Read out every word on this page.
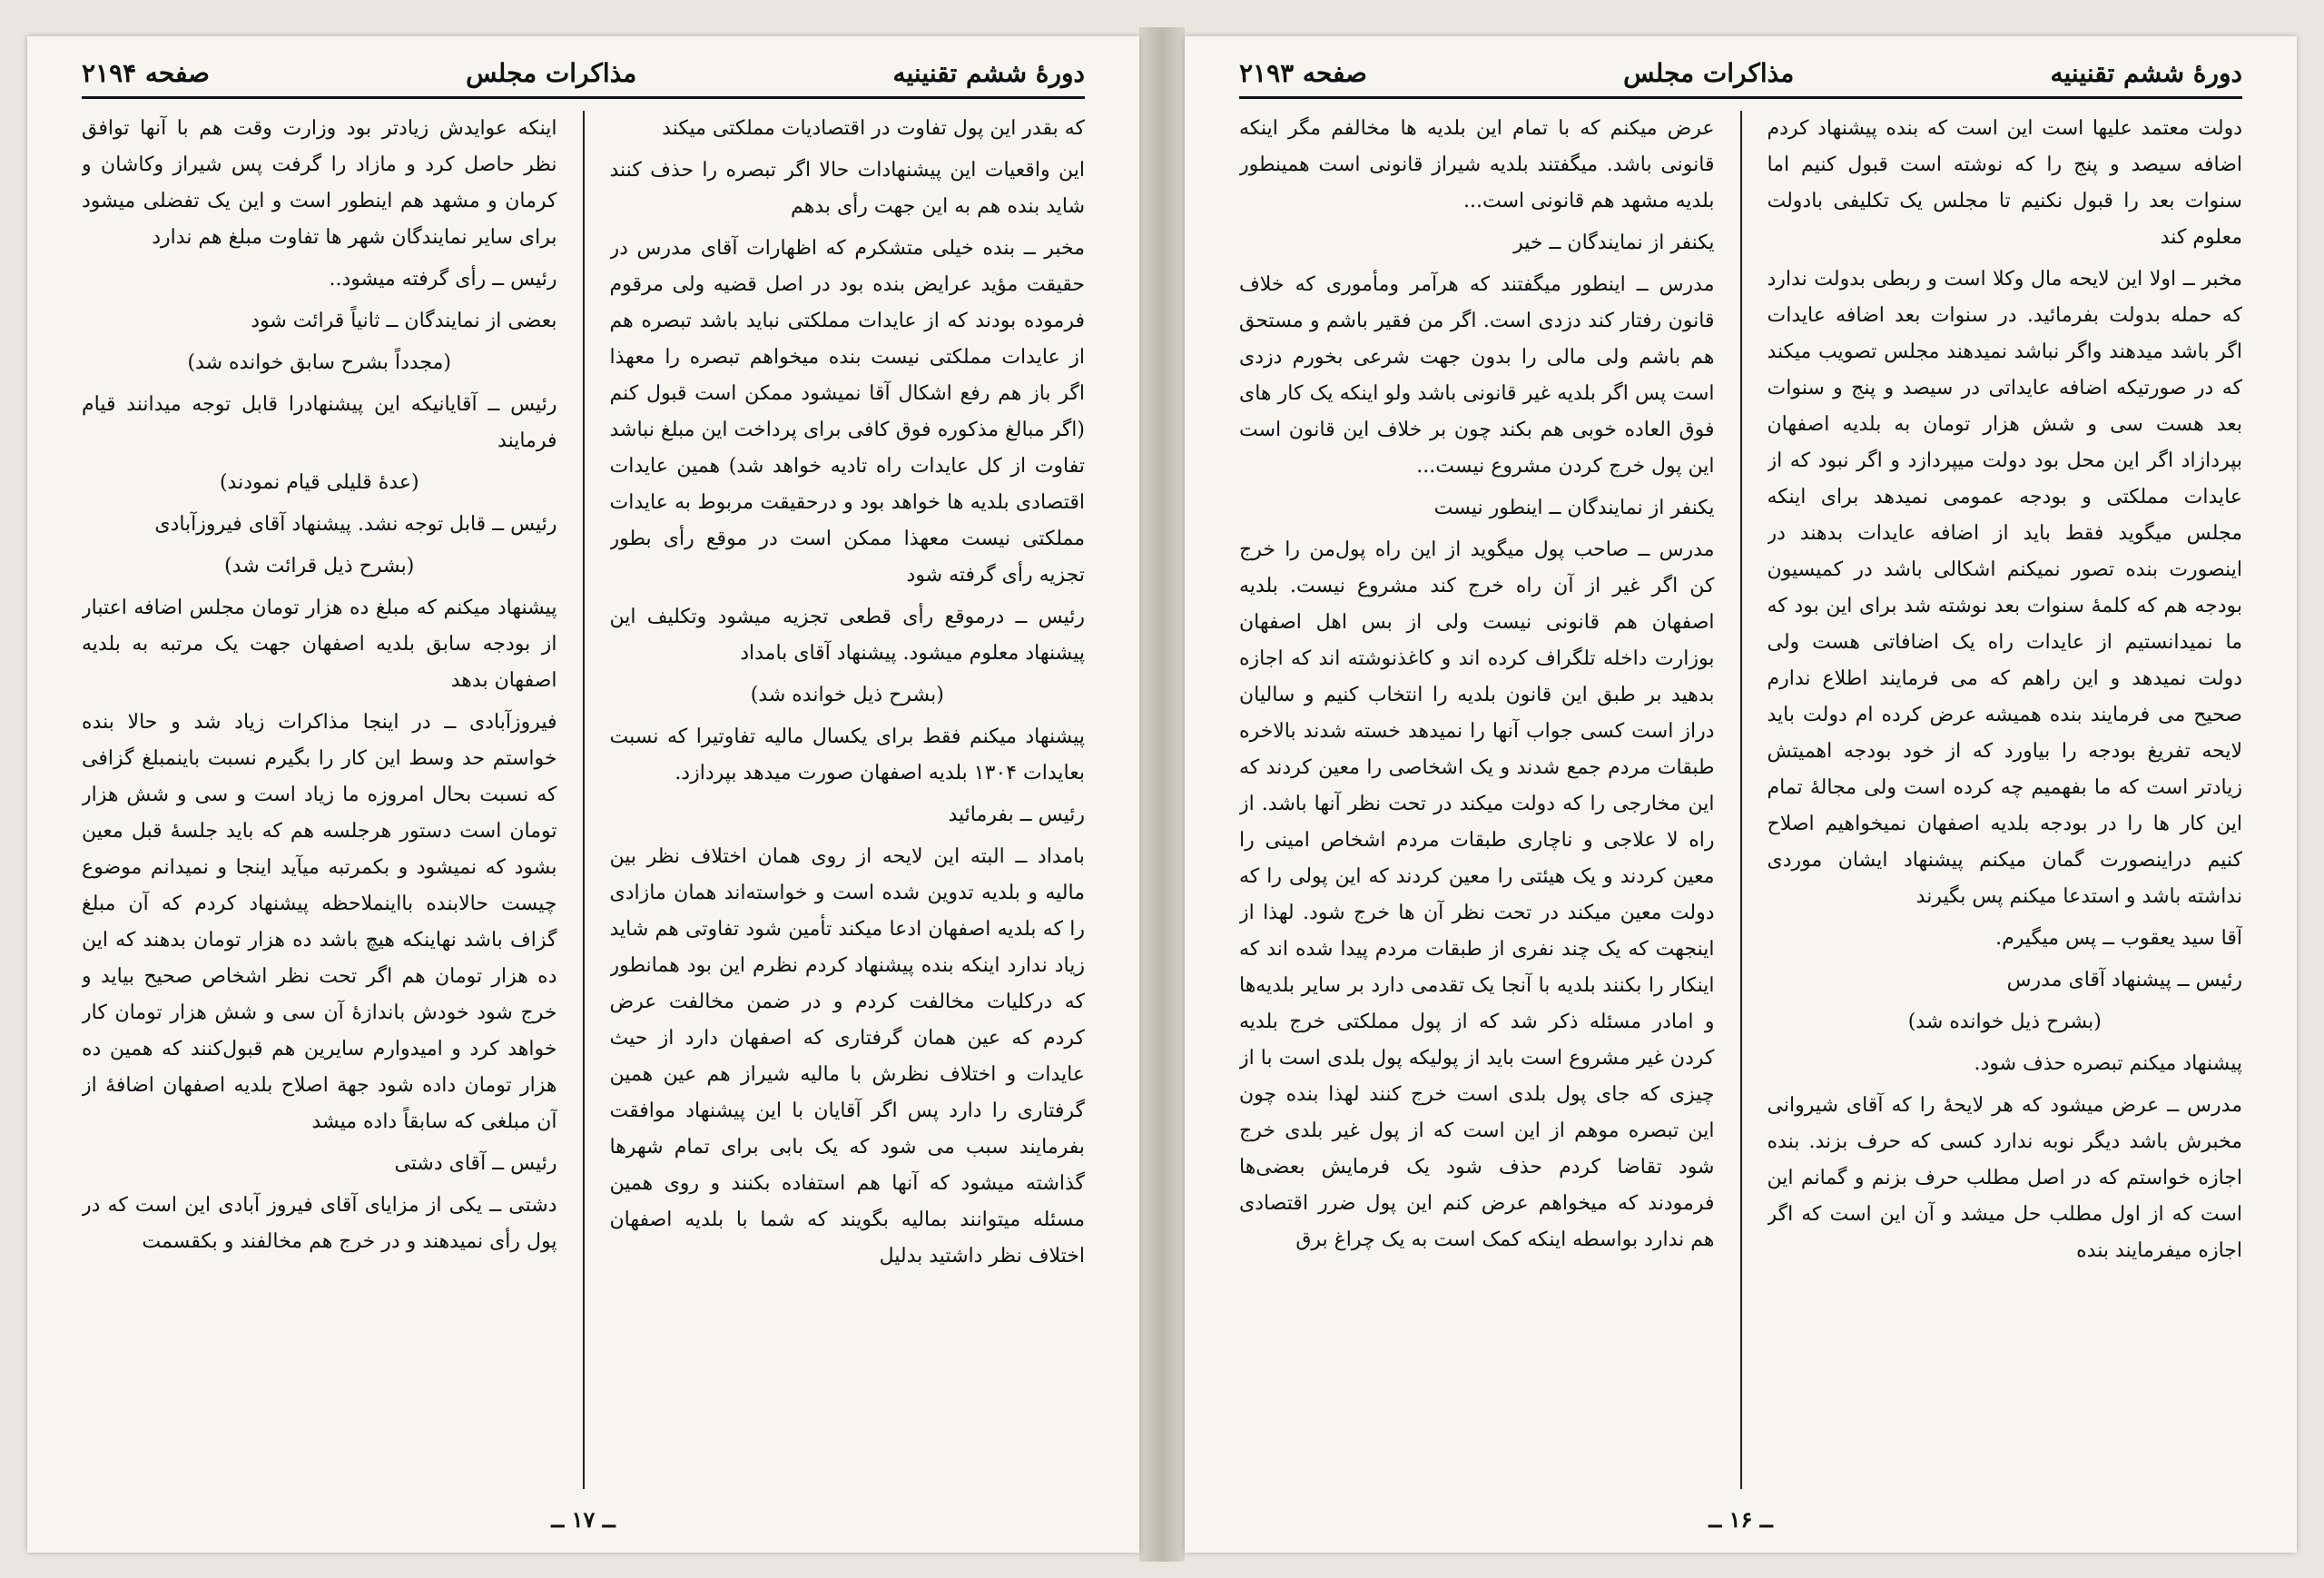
دورهٔ ششم تقنینیه
مذاکرات مجلس
صفحه ۲۱۹۴

که بقدر این پول تفاوت در اقتصادیات مملکتی میکند

این واقعیات این پیشنهادات حالا اگر تبصره را حذف کنند شاید بنده هم به این جهت رأی بدهم

مخبر ــ بنده خیلی متشکرم که اظهارات آقای مدرس در حقیقت مؤید عرایض بنده بود در اصل قضیه ولی مرقوم فرموده بودند که از عایدات مملکتی نباید باشد تبصره هم از عایدات مملکتی نیست بنده میخواهم تبصره را معهذا اگر باز هم رفع اشکال آقا نمیشود ممکن است قبول کنم (اگر مبالغ مذکوره فوق کافی برای پرداخت این مبلغ نباشد تفاوت از کل عایدات راه تادیه خواهد شد) همین عایدات اقتصادی بلدیه ها خواهد بود و درحقیقت مربوط به عایدات مملکتی نیست معهذا ممکن است در موقع رأی بطور تجزیه رأی گرفته شود

رئیس ــ درموقع رأی قطعی تجزیه میشود وتکلیف این پیشنهاد معلوم میشود. پیشنهاد آقای بامداد

(بشرح ذیل خوانده شد)

پیشنهاد میکنم فقط برای یکسال مالیه تفاوتیرا که نسبت بعایدات ۱۳۰۴ بلدیه اصفهان صورت میدهد بپردازد.

رئیس ــ بفرمائید

بامداد ــ البته این لایحه از روی همان اختلاف نظر بین مالیه و بلدیه تدوین شده است و خواسته‌اند همان مازادی را که بلدیه اصفهان ادعا میکند تأمین شود تفاوتی هم شاید زیاد ندارد اینکه بنده پیشنهاد کردم نظرم این بود همانطور که درکلیات مخالفت کردم و در ضمن مخالفت عرض کردم که عین همان گرفتاری که اصفهان دارد از حیث عایدات و اختلاف نظرش با مالیه شیراز هم عین همین گرفتاری را دارد پس اگر آقایان با این پیشنهاد موافقت بفرمایند سبب می شود که یک بابی برای تمام شهرها گذاشته میشود که آنها هم استفاده بکنند و روی همین مسئله میتوانند بمالیه بگویند که شما با بلدیه اصفهان اختلاف نظر داشتید بدلیل

اینکه عوایدش زیادتر بود وزارت وقت هم با آنها توافق نظر حاصل کرد و مازاد را گرفت پس شیراز وکاشان و کرمان و مشهد هم اینطور است و این یک تفضلی میشود برای سایر نمایندگان شهر ها تفاوت مبلغ هم ندارد

رئیس ــ رأی گرفته میشود..

بعضی از نمایندگان ــ ثانیاً قرائت شود

(مجدداً بشرح سابق خوانده شد)

رئیس ــ آقایانیکه این پیشنهادرا قابل توجه میدانند قیام فرمایند

(عدهٔ قلیلی قیام نمودند)

رئیس ــ قابل توجه نشد. پیشنهاد آقای فیروزآبادی

(بشرح ذیل قرائت شد)

پیشنهاد میکنم که مبلغ ده هزار تومان مجلس اضافه اعتبار از بودجه سابق بلدیه اصفهان جهت یک مرتبه به بلدیه اصفهان بدهد

فیروزآبادی ــ در اینجا مذاکرات زیاد شد و حالا بنده خواستم حد وسط این کار را بگیرم نسبت باینمبلغ گزافی که نسبت بحال امروزه ما زیاد است و سی و شش هزار تومان است دستور هرجلسه هم که باید جلسهٔ قبل معین بشود که نمیشود و بکمرتبه میآید اینجا و نمیدانم موضوع چیست حالابنده بااینملاحظه پیشنهاد کردم که آن مبلغ گزاف باشد نهاینکه هیچ باشد ده هزار تومان بدهند که این ده هزار تومان هم اگر تحت نظر اشخاص صحیح بیاید و خرج شود خودش باندازهٔ آن سی و شش هزار تومان کار خواهد کرد و امیدوارم سایرین هم قبول‌کنند که همین ده هزار تومان داده شود جهة اصلاح بلدیه اصفهان اضافهٔ از آن مبلغی که سابقاً داده میشد

رئیس ــ آقای دشتی

دشتی ــ یکی از مزایای آقای فیروز آبادی این است که در پول رأی نمیدهند و در خرج هم مخالفند و بکقسمت

ــ ۱۷ ــ
دورهٔ ششم تقنینیه
مذاکرات مجلس
صفحه ۲۱۹۳

دولت معتمد علیها است این است که بنده پیشنهاد کردم اضافه سیصد و پنج را که نوشته است قبول کنیم اما سنوات بعد را قبول نکنیم تا مجلس یک تکلیفی بادولت معلوم کند

مخبر ــ اولا این لایحه مال وکلا است و ربطی بدولت ندارد که حمله بدولت بفرمائید. در سنوات بعد اضافه عایدات اگر باشد میدهند واگر نباشد نمیدهند مجلس تصویب میکند که در صورتیکه اضافه عایداتی در سیصد و پنج و سنوات بعد هست سی و شش هزار تومان به بلدیه اصفهان بپردازاد اگر این محل بود دولت میپردازد و اگر نبود که از عایدات مملکتی و بودجه عمومی نمیدهد برای اینکه مجلس میگوید فقط باید از اضافه عایدات بدهند در اینصورت بنده تصور نمیکنم اشکالی باشد در کمیسیون بودجه هم که کلمهٔ سنوات بعد نوشته شد برای این بود که ما نمیدانستیم از عایدات راه یک اضافاتی هست ولی دولت نمیدهد و این راهم که می فرمایند اطلاع ندارم صحیح می فرمایند بنده همیشه عرض کرده ام دولت باید لایحه تفریغ بودجه را بیاورد که از خود بودجه اهمیتش زیادتر است که ما بفهمیم چه کرده است ولی مجالهٔ تمام این کار ها را در بودجه بلدیه اصفهان نمیخواهیم اصلاح کنیم دراینصورت گمان میکنم پیشنهاد ایشان موردی نداشته باشد و استدعا میکنم پس بگیرند

آقا سید یعقوب ــ پس میگیرم.

رئیس ــ پیشنهاد آقای مدرس

(بشرح ذیل خوانده شد)

پیشنهاد میکنم تبصره حذف شود.

مدرس ــ عرض میشود که هر لایحهٔ را که آقای شیروانی مخبرش باشد دیگر نوبه ندارد کسی که حرف بزند. بنده اجازه خواستم که در اصل مطلب حرف بزنم و گمانم این است که از اول مطلب حل میشد و آن این است که اگر اجازه میفرمایند بنده

عرض میکنم که با تمام این بلدیه ها مخالفم مگر اینکه قانونی باشد. میگفتند بلدیه شیراز قانونی است همینطور بلدیه مشهد هم قانونی است...

یکنفر از نمایندگان ــ خیر

مدرس ــ اینطور میگفتند که هرآمر ومأموری که خلاف قانون رفتار کند دزدی است. اگر من فقیر باشم و مستحق هم باشم ولی مالی را بدون جهت شرعی بخورم دزدی است پس اگر بلدیه غیر قانونی باشد ولو اینکه یک کار های فوق العاده خوبی هم بکند چون بر خلاف این قانون است این پول خرج کردن مشروع نیست...

یکنفر از نمایندگان ــ اینطور نیست

مدرس ــ صاحب پول میگوید از این راه پول‌من را خرج کن اگر غیر از آن راه خرج کند مشروع نیست. بلدیه اصفهان هم قانونی نیست ولی از بس اهل اصفهان بوزارت داخله تلگراف کرده اند و کاغذنوشته اند که اجازه بدهید بر طبق این قانون بلدیه را انتخاب کنیم و سالیان دراز است کسی جواب آنها را نمیدهد خسته شدند بالاخره طبقات مردم جمع شدند و یک اشخاصی را معین کردند که این مخارجی را که دولت میکند در تحت نظر آنها باشد. از راه لا علاجی و ناچاری طبقات مردم اشخاص امینی را معین کردند و یک هیئتی را معین کردند که این پولی را که دولت معین میکند در تحت نظر آن ها خرج شود. لهذا از اینجهت که یک چند نفری از طبقات مردم پیدا شده اند که اینکار را بکنند بلدیه با آنجا یک تقدمی دارد بر سایر بلدیه‌ها و امادر مسئله ذکر شد که از پول مملکتی خرج بلدیه کردن غیر مشروع است باید از پولیکه پول بلدی است با از چیزی که جای پول بلدی است خرج کنند لهذا بنده چون این تبصره موهم از این است که از پول غیر بلدی خرج شود تقاضا کردم حذف شود یک فرمایش بعضی‌ها فرمودند که میخواهم عرض کنم این پول ضرر اقتصادی هم ندارد بواسطه اینکه کمک است به یک چراغ برق

ــ ۱۶ ــ
